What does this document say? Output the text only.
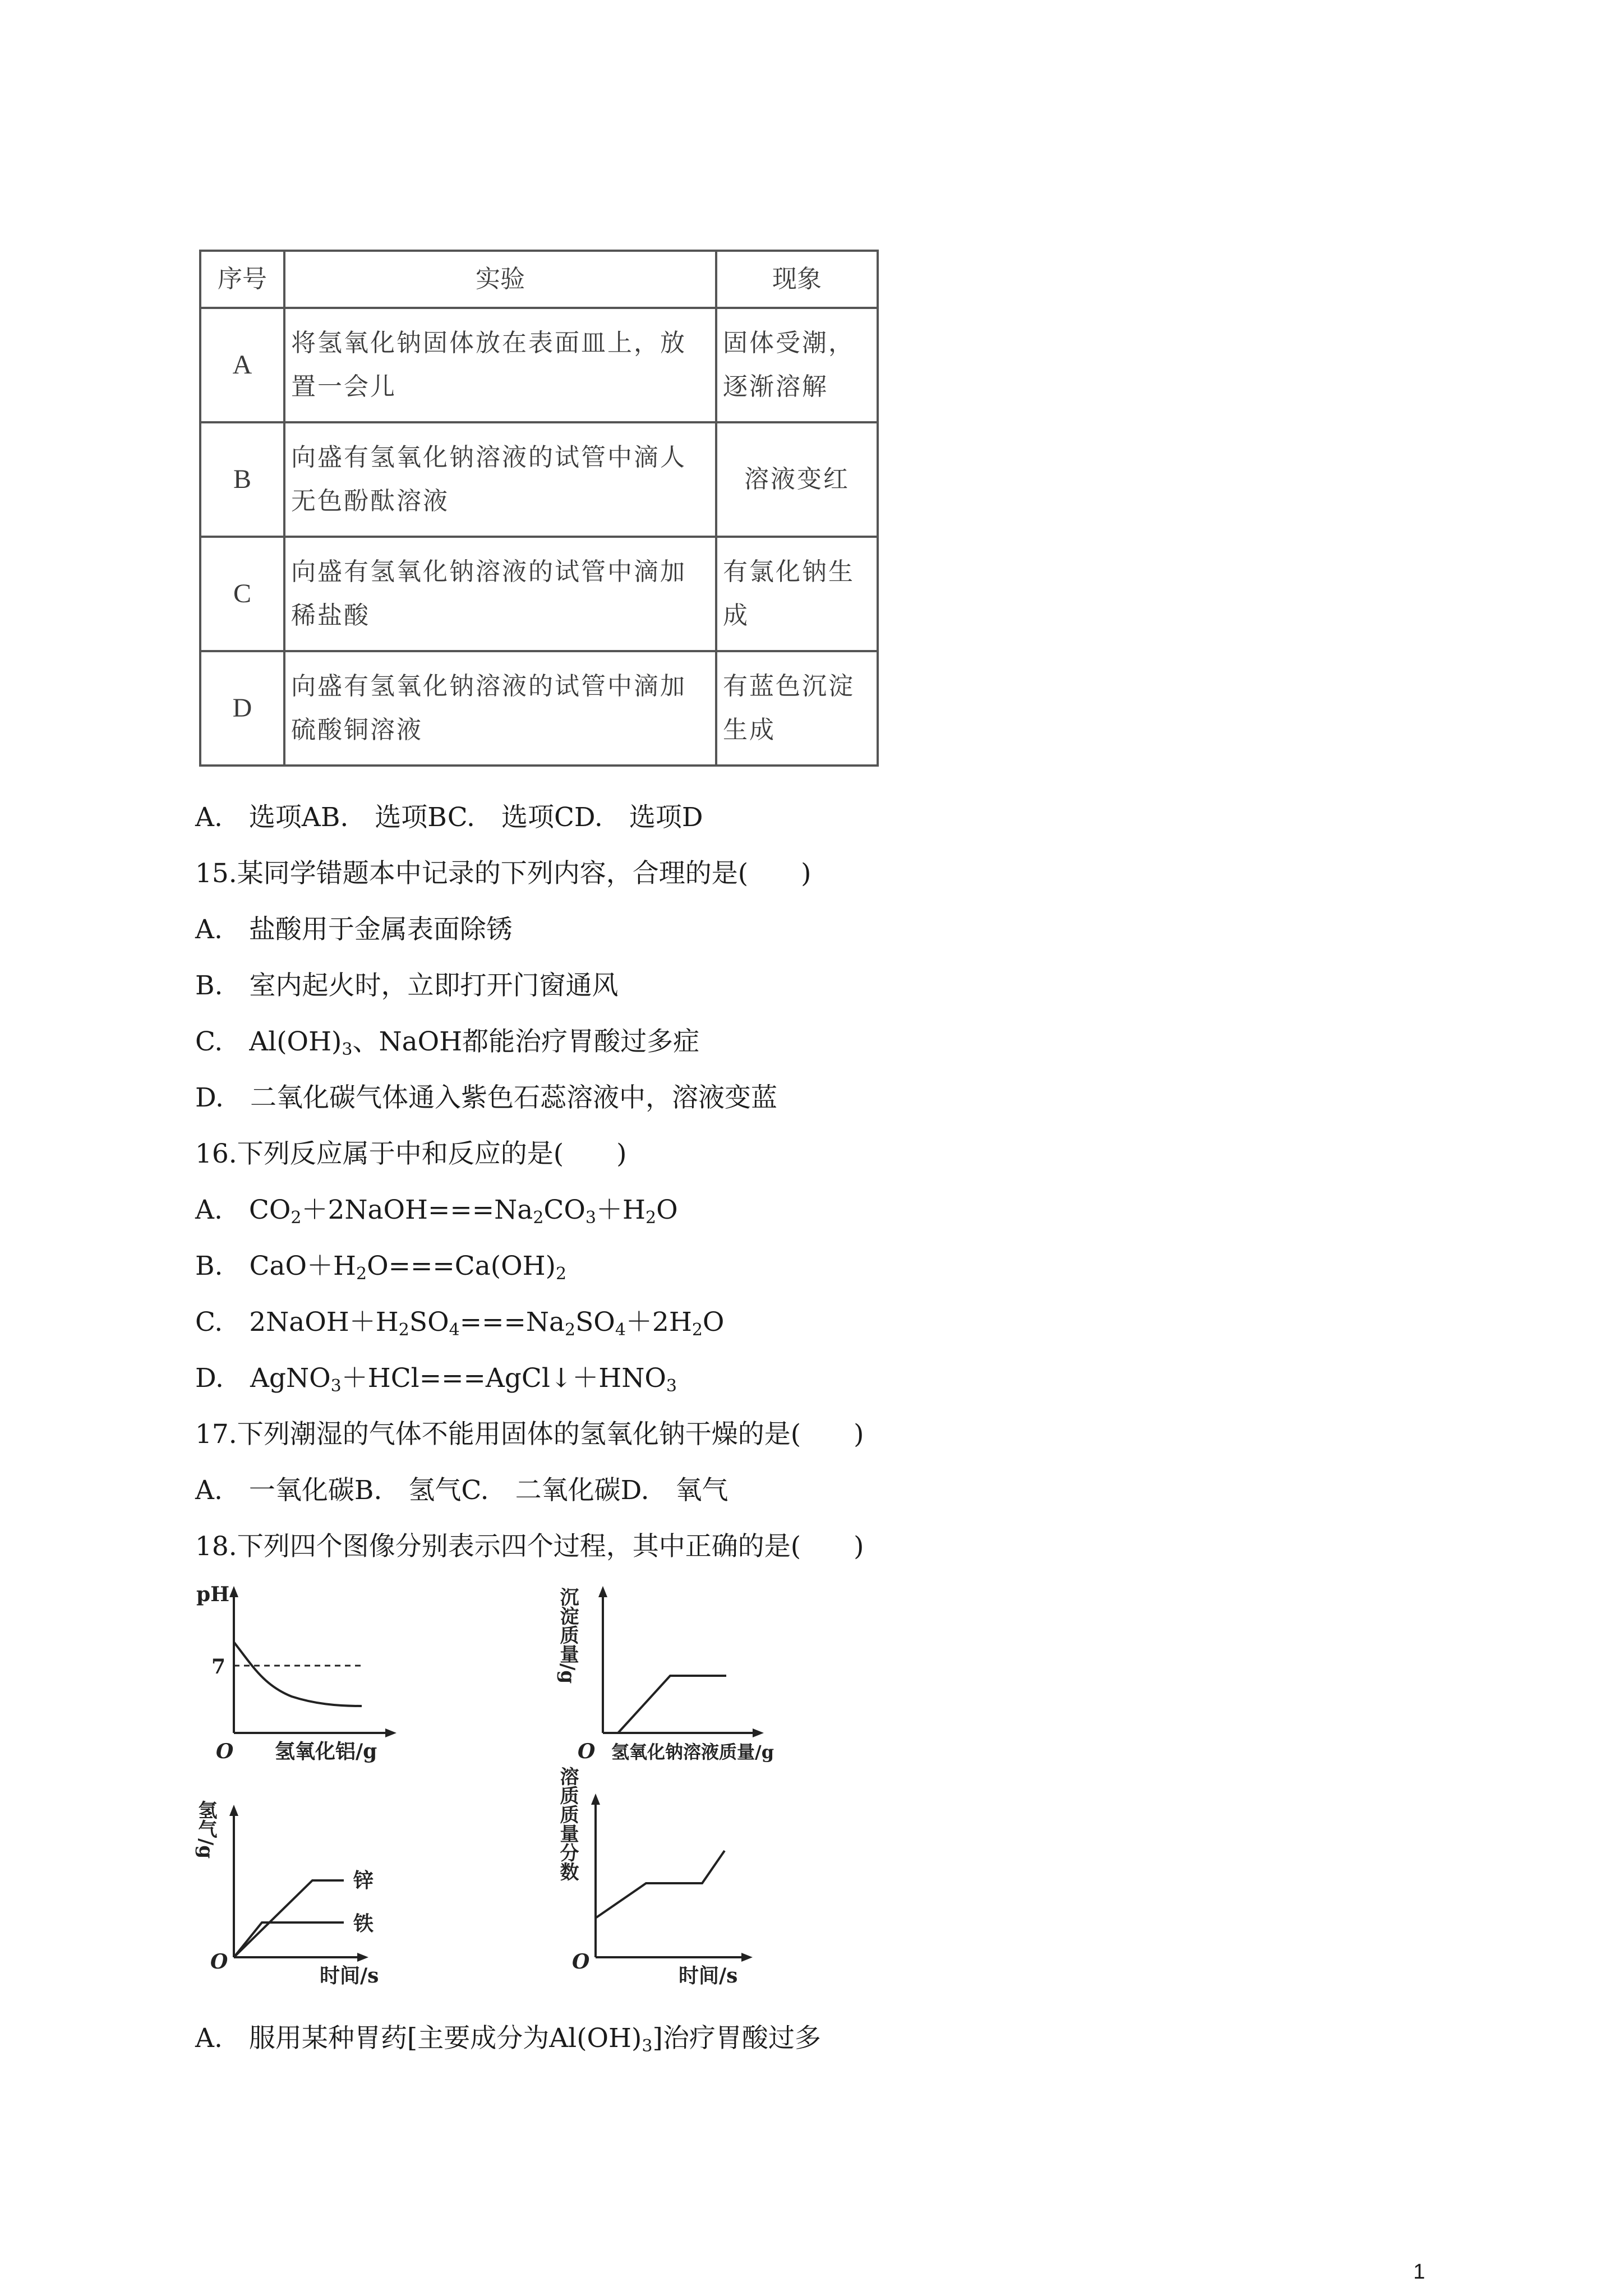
序号	实验	现象
A	将氢氧化钠固体放在表面皿上，放置一会儿	固体受潮，逐渐溶解
B	向盛有氢氧化钠溶液的试管中滴人无色酚酞溶液	溶液变红
C	向盛有氢氧化钠溶液的试管中滴加稀盐酸	有氯化钠生成
D	向盛有氢氧化钠溶液的试管中滴加硫酸铜溶液	有蓝色沉淀生成
A.　选项AB.　选项BC.　选项CD.　选项D
15.某同学错题本中记录的下列内容，合理的是(　　)
A.　盐酸用于金属表面除锈
B.　室内起火时，立即打开门窗通风
C.　$Al(OH)_3$、NaOH都能治疗胃酸过多症
D.　二氧化碳气体通入紫色石蕊溶液中，溶液变蓝
16.下列反应属于中和反应的是(　　)
A.　$CO_2+2NaOH===Na_2CO_3+H_2O$
B.　$CaO+H_2O===Ca(OH)_2$
C.　$2NaOH+H_2SO_4===Na_2SO_4+2H_2O$
D.　$AgNO_3+HCl===AgCl↓+HNO_3$
17.下列潮湿的气体不能用固体的氢氧化钠干燥的是(　　)
A.　一氧化碳B.　氢气C.　二氧化碳D.　氧气
18.下列四个图像分别表示四个过程，其中正确的是(　　)
pH
7
O 氢氧化铝/g
沉淀质量/g
O 氢氧化钠溶液质量/g
氢气/g
锌
铁
O
时间/s
溶质质量分数
O
时间/s
A.　服用某种胃药[主要成分为$Al(OH)_3$]治疗胃酸过多
1
